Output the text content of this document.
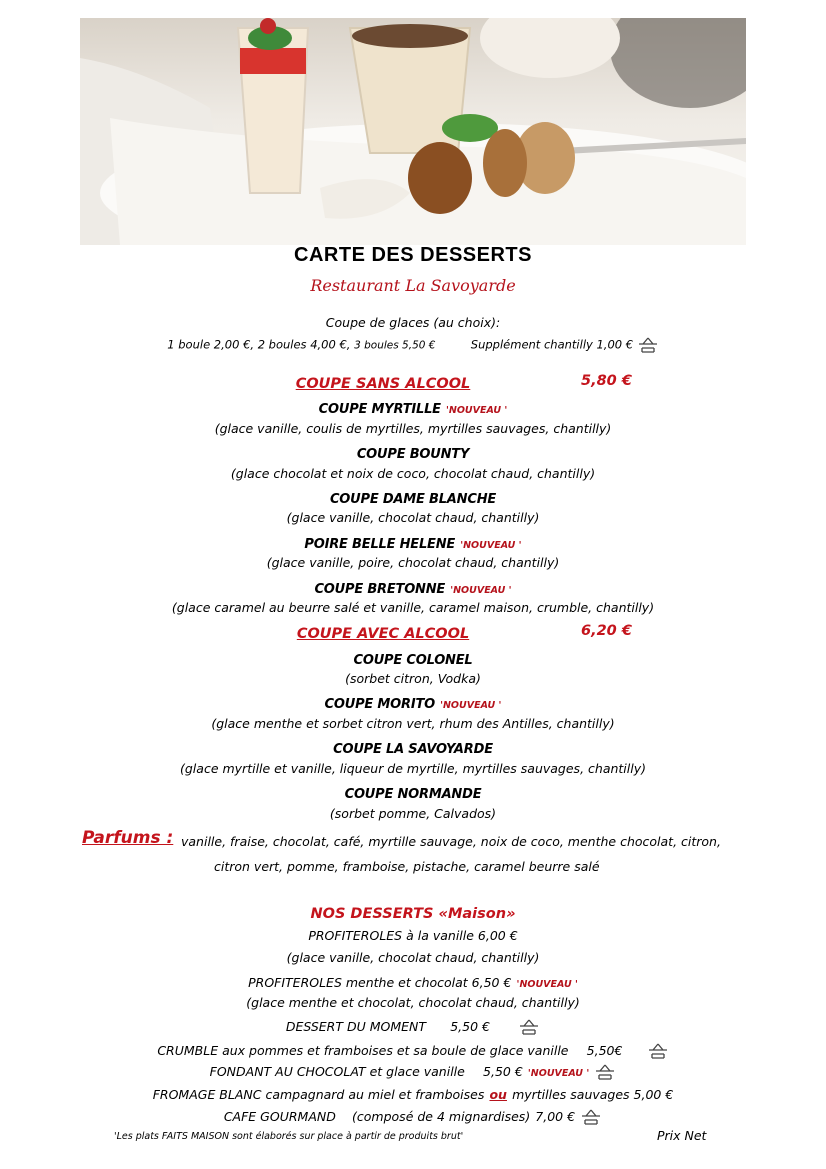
CARTE DES DESSERTS
Restaurant La Savoyarde
Coupe de glaces (au choix):
1 boule 2,00 €, 2 boules 4,00 €, 3 boules 5,50 €	Supplément chantilly 1,00 €
COUPE SANS ALCOOL	5,80 €
COUPE MYRTILLE 'NOUVEAU '
(glace vanille, coulis de myrtilles, myrtilles sauvages, chantilly)
COUPE BOUNTY
(glace chocolat et noix de coco, chocolat chaud, chantilly)
COUPE DAME BLANCHE
(glace vanille, chocolat chaud, chantilly)
POIRE BELLE HELENE 'NOUVEAU '
(glace vanille, poire, chocolat chaud, chantilly)
COUPE BRETONNE 'NOUVEAU '
(glace caramel au beurre salé et vanille, caramel maison, crumble, chantilly)
COUPE AVEC ALCOOL	6,20 €
COUPE COLONEL
(sorbet citron, Vodka)
COUPE MORITO 'NOUVEAU '
(glace menthe et sorbet citron vert, rhum des Antilles, chantilly)
COUPE LA SAVOYARDE
(glace myrtille et vanille, liqueur de myrtille, myrtilles sauvages, chantilly)
COUPE NORMANDE
(sorbet pomme, Calvados)
Parfums : vanille, fraise, chocolat, café, myrtille sauvage, noix de coco, menthe chocolat, citron,
citron vert, pomme, framboise, pistache, caramel beurre salé
NOS DESSERTS «Maison»
PROFITEROLES à la vanille 6,00 €
(glace vanille, chocolat chaud, chantilly)
PROFITEROLES menthe et chocolat 6,50 € 'NOUVEAU '
(glace menthe et chocolat, chocolat chaud, chantilly)
DESSERT DU MOMENT 5,50 €
CRUMBLE aux pommes et framboises et sa boule de glace vanille 5,50€
FONDANT AU CHOCOLAT et glace vanille 5,50 € 'NOUVEAU '
FROMAGE BLANC campagnard au miel et framboises ou myrtilles sauvages 5,00 €
CAFE GOURMAND (composé de 4 mignardises) 7,00 €
'Les plats FAITS MAISON sont élaborés sur place à partir de produits brut'	Prix Net
